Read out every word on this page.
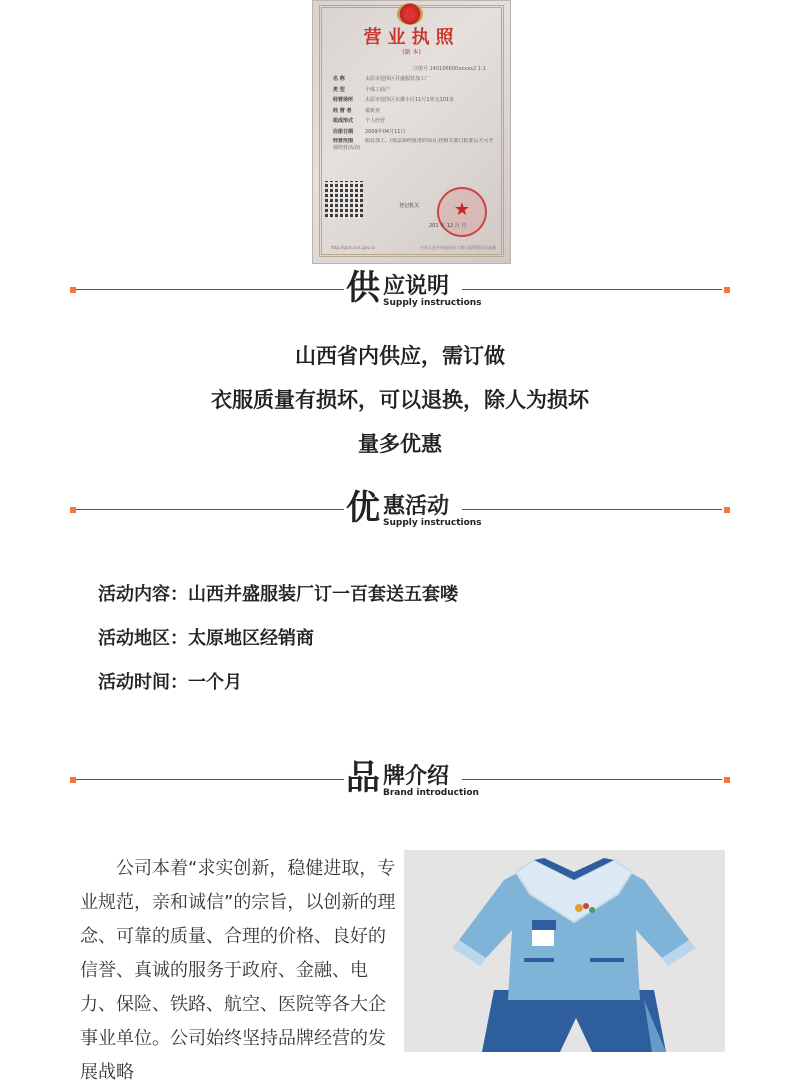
营业执照
(副 本)
注册号 140106600xxxxx2 1-1
名 称	太原市迎泽区并盛服装加工厂
类 型	个体工商户
经营场所 太原市迎泽区东都小区11号1单元101室
经 营 者	裴新亚
组成形式 个人经营
注册日期 2009年04月11日
经营范围 服装加工。(依法须经批准的项目,经相关部门批准后方可开展经营活动)
登记机关	★
201 年 12 月 日
http://gsxt.saic.gov.cn	中华人民共和国国家工商行政管理总局监制
供 应说明
Supply instructions
山西省内供应，需订做
衣服质量有损坏，可以退换，除人为损坏
量多优惠
优 惠活动
Supply instructions
活动内容：山西并盛服装厂订一百套送五套喽
活动地区：太原地区经销商
活动时间：一个月
品 牌介绍
Brand introduction

公司本着“求实创新，稳健进取，专业规范，亲和诚信”的宗旨，以创新的理念、可靠的质量、合理的价格、良好的信誉、真诚的服务于政府、金融、电力、保险、铁路、航空、医院等各大企事业单位。公司始终坚持品牌经营的发展战略
